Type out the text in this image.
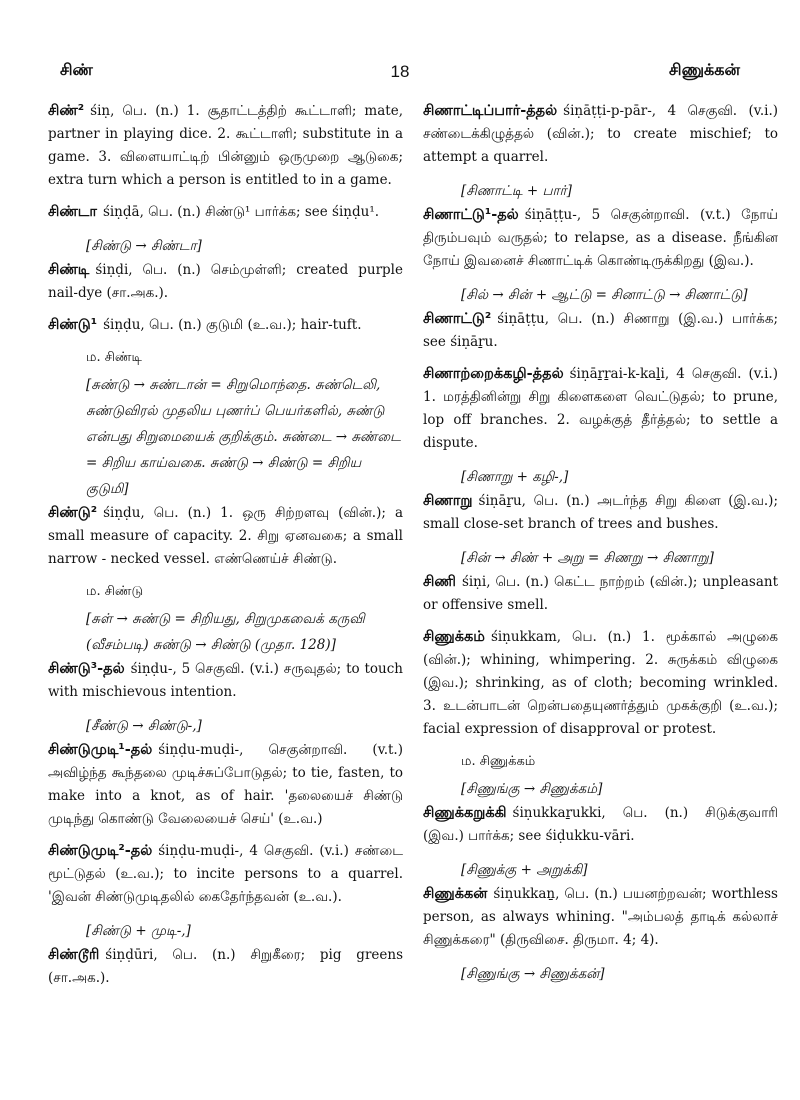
சிண்	18	சிணுக்கன்
சிண்² śiṇ, பெ. (n.) 1. சூதாட்டத்திற் கூட்டாளி; mate, partner in playing dice. 2. கூட்டாளி; substitute in a game. 3. விளையாட்டிற் பின்னும் ஒருமுறை ஆடுகை; extra turn which a person is entitled to in a game.
சிண்டா śiṇḍā, பெ. (n.) சிண்டு¹ பார்க்க; see śiṇḍu¹.
[சிண்டு → சிண்டா]
சிண்டி śiṇḍi, பெ. (n.) செம்முள்ளி; created purple nail-dye (சா.அக.).
சிண்டு¹ śiṇḍu, பெ. (n.) குடுமி (உ.வ.); hair-tuft.
ம. சிண்டி
[சுண்டு → சுண்டான் = சிறுமொந்தை. சுண்டெலி, சுண்டுவிரல் முதலிய புணர்ப் பெயர்களில், சுண்டு என்பது சிறுமையைக் குறிக்கும். சுண்டை → சுண்டை = சிறிய காய்வகை. சுண்டு → சிண்டு = சிறிய குடுமி]
சிண்டு² śiṇḍu, பெ. (n.) 1. ஒரு சிற்றளவு (வின்.); a small measure of capacity. 2. சிறு ஏனவகை; a small narrow - necked vessel. எண்ணெய்ச் சிண்டு.
ம. சிண்டு
[சுள் → சுண்டு = சிறியது, சிறுமுகவைக் கருவி (வீசம்படி) சுண்டு → சிண்டு (முதா. 128)]
சிண்டு³-தல் śiṇḍu-, 5 செகுவி. (v.i.) சருவுதல்; to touch with mischievous intention.
[சீண்டு → சிண்டு-,]
சிண்டுமுடி¹-தல் śiṇḍu-muḍi-, செகுன்றாவி. (v.t.) அவிழ்ந்த கூந்தலை முடிச்சுப்போடுதல்; to tie, fasten, to make into a knot, as of hair. 'தலையைச் சிண்டு முடிந்து கொண்டு வேலையைச் செய்' (உ.வ.)
சிண்டுமுடி²-தல் śiṇḍu-muḍi-, 4 செகுவி. (v.i.) சண்டை மூட்டுதல் (உ.வ.); to incite persons to a quarrel. 'இவன் சிண்டுமுடிதலில் கைதேர்ந்தவன் (உ.வ.).
[சிண்டு + முடி-,]
சிண்டூரி śiṇḍūri, பெ. (n.) சிறுகீரை; pig greens (சா.அக.).
சிணாட்டிப்பார்-த்தல் śiṇāṭṭi-p-pār-, 4 செகுவி. (v.i.) சண்டைக்கிழுத்தல் (வின்.); to create mischief; to attempt a quarrel.
[சிணாட்டி + பார்]
சிணாட்டு¹-தல் śiṇāṭṭu-, 5 செகுன்றாவி. (v.t.) நோய் திரும்பவும் வருதல்; to relapse, as a disease. நீங்கின நோய் இவனைச் சிணாட்டிக் கொண்டிருக்கிறது (இவ.).
[சில் → சின் + ஆட்டு = சினாட்டு → சிணாட்டு]
சிணாட்டு² śiṇāṭṭu, பெ. (n.) சிணாறு (இ.வ.) பார்க்க; see śiṇāṟu.
சிணாற்றைக்கழி-த்தல் śiṇāṟṟai-k-kaḻi, 4 செகுவி. (v.i.) 1. மரத்தினின்று சிறு கிளைகளை வெட்டுதல்; to prune, lop off branches. 2. வழக்குத் தீர்த்தல்; to settle a dispute.
[சிணாறு + கழி-,]
சிணாறு śiṇāṟu, பெ. (n.) அடர்ந்த சிறு கிளை (இ.வ.); small close-set branch of trees and bushes.
[சின் → சிண் + அறு = சிணறு → சிணாறு]
சிணி śiṇi, பெ. (n.) கெட்ட நாற்றம் (வின்.); unpleasant or offensive smell.
சிணுக்கம் śiṇukkam, பெ. (n.) 1. மூக்கால் அழுகை (வின்.); whining, whimpering. 2. சுருக்கம் விழுகை (இவ.); shrinking, as of cloth; becoming wrinkled. 3. உடன்பாடன் றென்பதையுணர்த்தும் முகக்குறி (உ.வ.); facial expression of disapproval or protest.
ம. சிணுக்கம்
[சிணுங்கு → சிணுக்கம்]
சிணுக்கறுக்கி śiṇukkaṟukki, பெ. (n.) சிடுக்குவாரி (இவ.) பார்க்க; see śiḍukku-vāri.
[சிணுக்கு + அறுக்கி]
சிணுக்கன் śiṇukkaṉ, பெ. (n.) பயனற்றவன்; worthless person, as always whining. "அம்பலத் தாடிக் கல்லாச் சிணுக்கரை" (திருவிசை. திருமா. 4; 4).
[சிணுங்கு → சிணுக்கன்]
